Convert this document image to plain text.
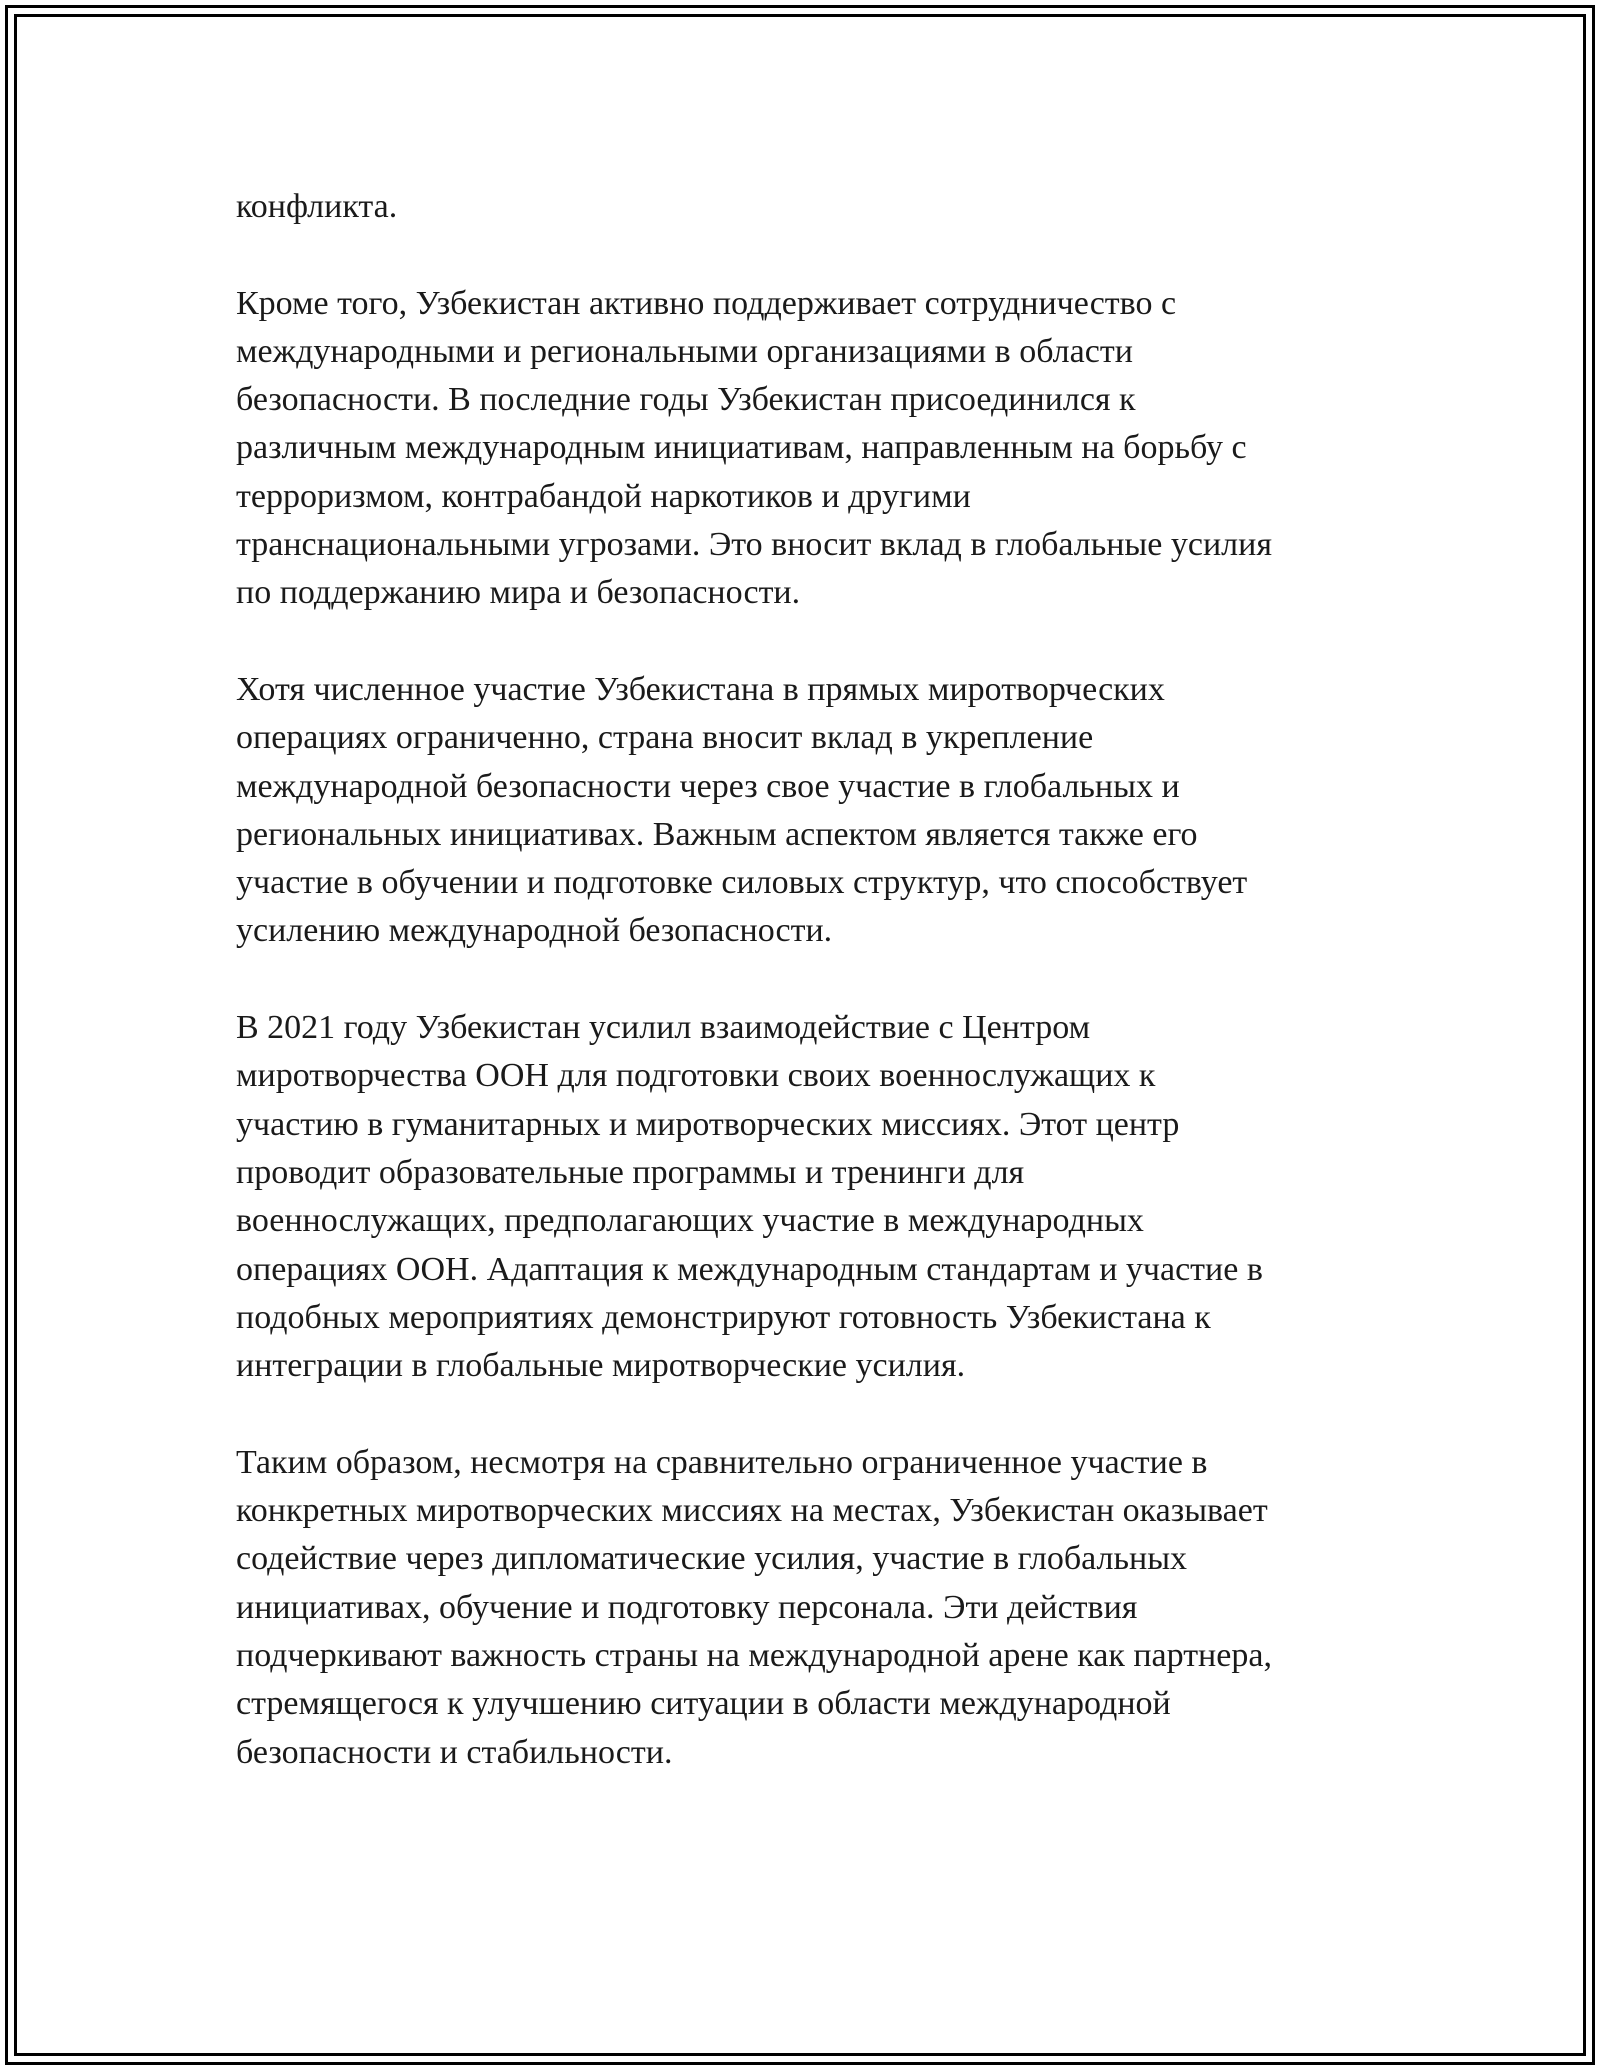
конфликта.

Кроме того, Узбекистан активно поддерживает сотрудничество с
международными и региональными организациями в области
безопасности. В последние годы Узбекистан присоединился к
различным международным инициативам, направленным на борьбу с
терроризмом, контрабандой наркотиков и другими
транснациональными угрозами. Это вносит вклад в глобальные усилия
по поддержанию мира и безопасности.

Хотя численное участие Узбекистана в прямых миротворческих
операциях ограниченно, страна вносит вклад в укрепление
международной безопасности через свое участие в глобальных и
региональных инициативах. Важным аспектом является также его
участие в обучении и подготовке силовых структур, что способствует
усилению международной безопасности.

В 2021 году Узбекистан усилил взаимодействие с Центром
миротворчества ООН для подготовки своих военнослужащих к
участию в гуманитарных и миротворческих миссиях. Этот центр
проводит образовательные программы и тренинги для
военнослужащих, предполагающих участие в международных
операциях ООН. Адаптация к международным стандартам и участие в
подобных мероприятиях демонстрируют готовность Узбекистана к
интеграции в глобальные миротворческие усилия.

Таким образом, несмотря на сравнительно ограниченное участие в
конкретных миротворческих миссиях на местах, Узбекистан оказывает
содействие через дипломатические усилия, участие в глобальных
инициативах, обучение и подготовку персонала. Эти действия
подчеркивают важность страны на международной арене как партнера,
стремящегося к улучшению ситуации в области международной
безопасности и стабильности.
